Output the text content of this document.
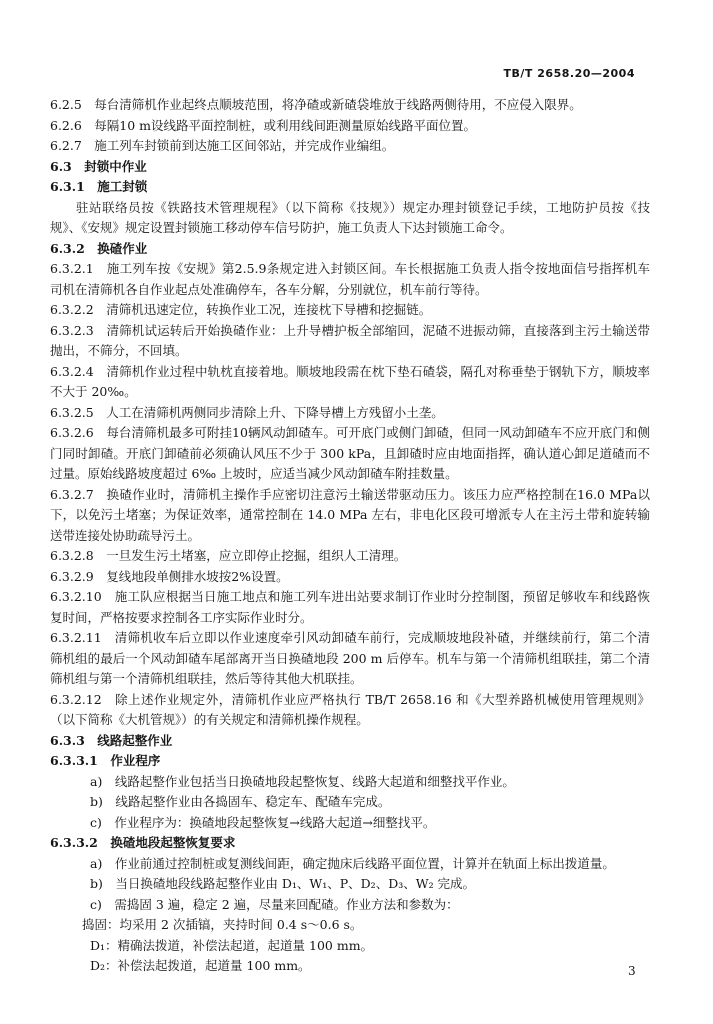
TB/T 2658.20—2004
6.2.5　每台清筛机作业起终点顺坡范围，将净碴或新碴袋堆放于线路两侧待用，不应侵入限界。
6.2.6　每隔10 m设线路平面控制桩，或利用线间距测量原始线路平面位置。
6.2.7　施工列车封锁前到达施工区间邻站，并完成作业编组。
6.3　封锁中作业
6.3.1　施工封锁
驻站联络员按《铁路技术管理规程》（以下简称《技规》）规定办理封锁登记手续，工地防护员按《技规》、《安规》规定设置封锁施工移动停车信号防护，施工负责人下达封锁施工命令。
6.3.2　换碴作业
6.3.2.1　施工列车按《安规》第2.5.9条规定进入封锁区间。车长根据施工负责人指令按地面信号指挥机车司机在清筛机各自作业起点处准确停车，各车分解，分别就位，机车前行等待。
6.3.2.2　清筛机迅速定位，转换作业工况，连接枕下导槽和挖掘链。
6.3.2.3　清筛机试运转后开始换碴作业：上升导槽护板全部缩回，泥碴不进振动筛，直接落到主污土输送带抛出，不筛分，不回填。
6.3.2.4　清筛机作业过程中轨枕直接着地。顺坡地段需在枕下垫石碴袋，隔孔对称垂垫于钢轨下方，顺坡率不大于 20‰。
6.3.2.5　人工在清筛机两侧同步清除上升、下降导槽上方残留小土垄。
6.3.2.6　每台清筛机最多可附挂10辆风动卸碴车。可开底门或侧门卸碴，但同一风动卸碴车不应开底门和侧门同时卸碴。开底门卸碴前必须确认风压不少于 300 kPa，且卸碴时应由地面指挥，确认道心卸足道碴而不过量。原始线路坡度超过 6‰ 上坡时，应适当减少风动卸碴车附挂数量。
6.3.2.7　换碴作业时，清筛机主操作手应密切注意污土输送带驱动压力。该压力应严格控制在16.0 MPa以下，以免污土堵塞；为保证效率，通常控制在 14.0 MPa 左右，非电化区段可增派专人在主污土带和旋转输送带连接处协助疏导污土。
6.3.2.8　一旦发生污土堵塞，应立即停止挖掘，组织人工清理。
6.3.2.9　复线地段单侧排水坡按2%设置。
6.3.2.10　施工队应根据当日施工地点和施工列车进出站要求制订作业时分控制图，预留足够收车和线路恢复时间，严格按要求控制各工序实际作业时分。
6.3.2.11　清筛机收车后立即以作业速度牵引风动卸碴车前行，完成顺坡地段补碴，并继续前行，第二个清筛机组的最后一个风动卸碴车尾部离开当日换碴地段 200 m 后停车。机车与第一个清筛机组联挂，第二个清筛机组与第一个清筛机组联挂，然后等待其他大机联挂。
6.3.2.12　除上述作业规定外，清筛机作业应严格执行 TB/T 2658.16 和《大型养路机械使用管理规则》（以下简称《大机管规》）的有关规定和清筛机操作规程。
6.3.3　线路起整作业
6.3.3.1　作业程序
a)　线路起整作业包括当日换碴地段起整恢复、线路大起道和细整找平作业。
b)　线路起整作业由各捣固车、稳定车、配碴车完成。
c)　作业程序为：换碴地段起整恢复→线路大起道→细整找平。
6.3.3.2　换碴地段起整恢复要求
a)　作业前通过控制桩或复测线间距，确定抛床后线路平面位置，计算并在轨面上标出拨道量。
b)　当日换碴地段线路起整作业由 D₁、W₁、P、D₂、D₃、W₂ 完成。
c)　需捣固 3 遍，稳定 2 遍，尽量来回配碴。作业方法和参数为：
捣固：均采用 2 次插镐，夹持时间 0.4 s～0.6 s。
D₁：精确法拨道，补偿法起道，起道量 100 mm。
D₂：补偿法起拨道，起道量 100 mm。	3
